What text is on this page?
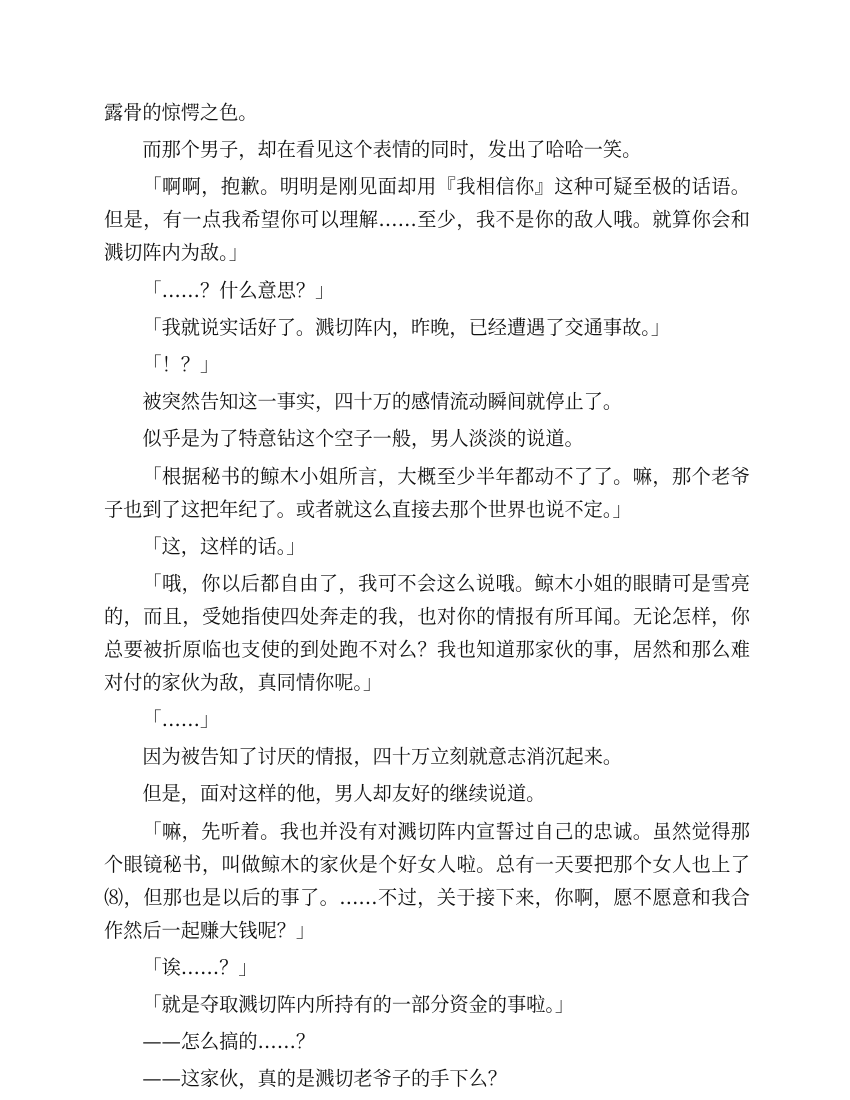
露骨的惊愕之色。

而那个男子，却在看见这个表情的同时，发出了哈哈一笑。

「啊啊，抱歉。明明是刚见面却用『我相信你』这种可疑至极的话语。但是，有一点我希望你可以理解……至少，我不是你的敌人哦。就算你会和溅切阵内为敌。」

「……？什么意思？」

「我就说实话好了。溅切阵内，昨晚，已经遭遇了交通事故。」

「！？」

被突然告知这一事实，四十万的感情流动瞬间就停止了。

似乎是为了特意钻这个空子一般，男人淡淡的说道。

「根据秘书的鲸木小姐所言，大概至少半年都动不了了。嘛，那个老爷子也到了这把年纪了。或者就这么直接去那个世界也说不定。」

「这，这样的话。」

「哦，你以后都自由了，我可不会这么说哦。鲸木小姐的眼睛可是雪亮的，而且，受她指使四处奔走的我，也对你的情报有所耳闻。无论怎样，你总要被折原临也支使的到处跑不对么？我也知道那家伙的事，居然和那么难对付的家伙为敌，真同情你呢。」

「……」

因为被告知了讨厌的情报，四十万立刻就意志消沉起来。

但是，面对这样的他，男人却友好的继续说道。

「嘛，先听着。我也并没有对溅切阵内宣誓过自己的忠诚。虽然觉得那个眼镜秘书，叫做鲸木的家伙是个好女人啦。总有一天要把那个女人也上了⑻，但那也是以后的事了。……不过，关于接下来，你啊，愿不愿意和我合作然后一起赚大钱呢？」

「诶……？」

「就是夺取溅切阵内所持有的一部分资金的事啦。」

——怎么搞的……？

——这家伙，真的是溅切老爷子的手下么？
